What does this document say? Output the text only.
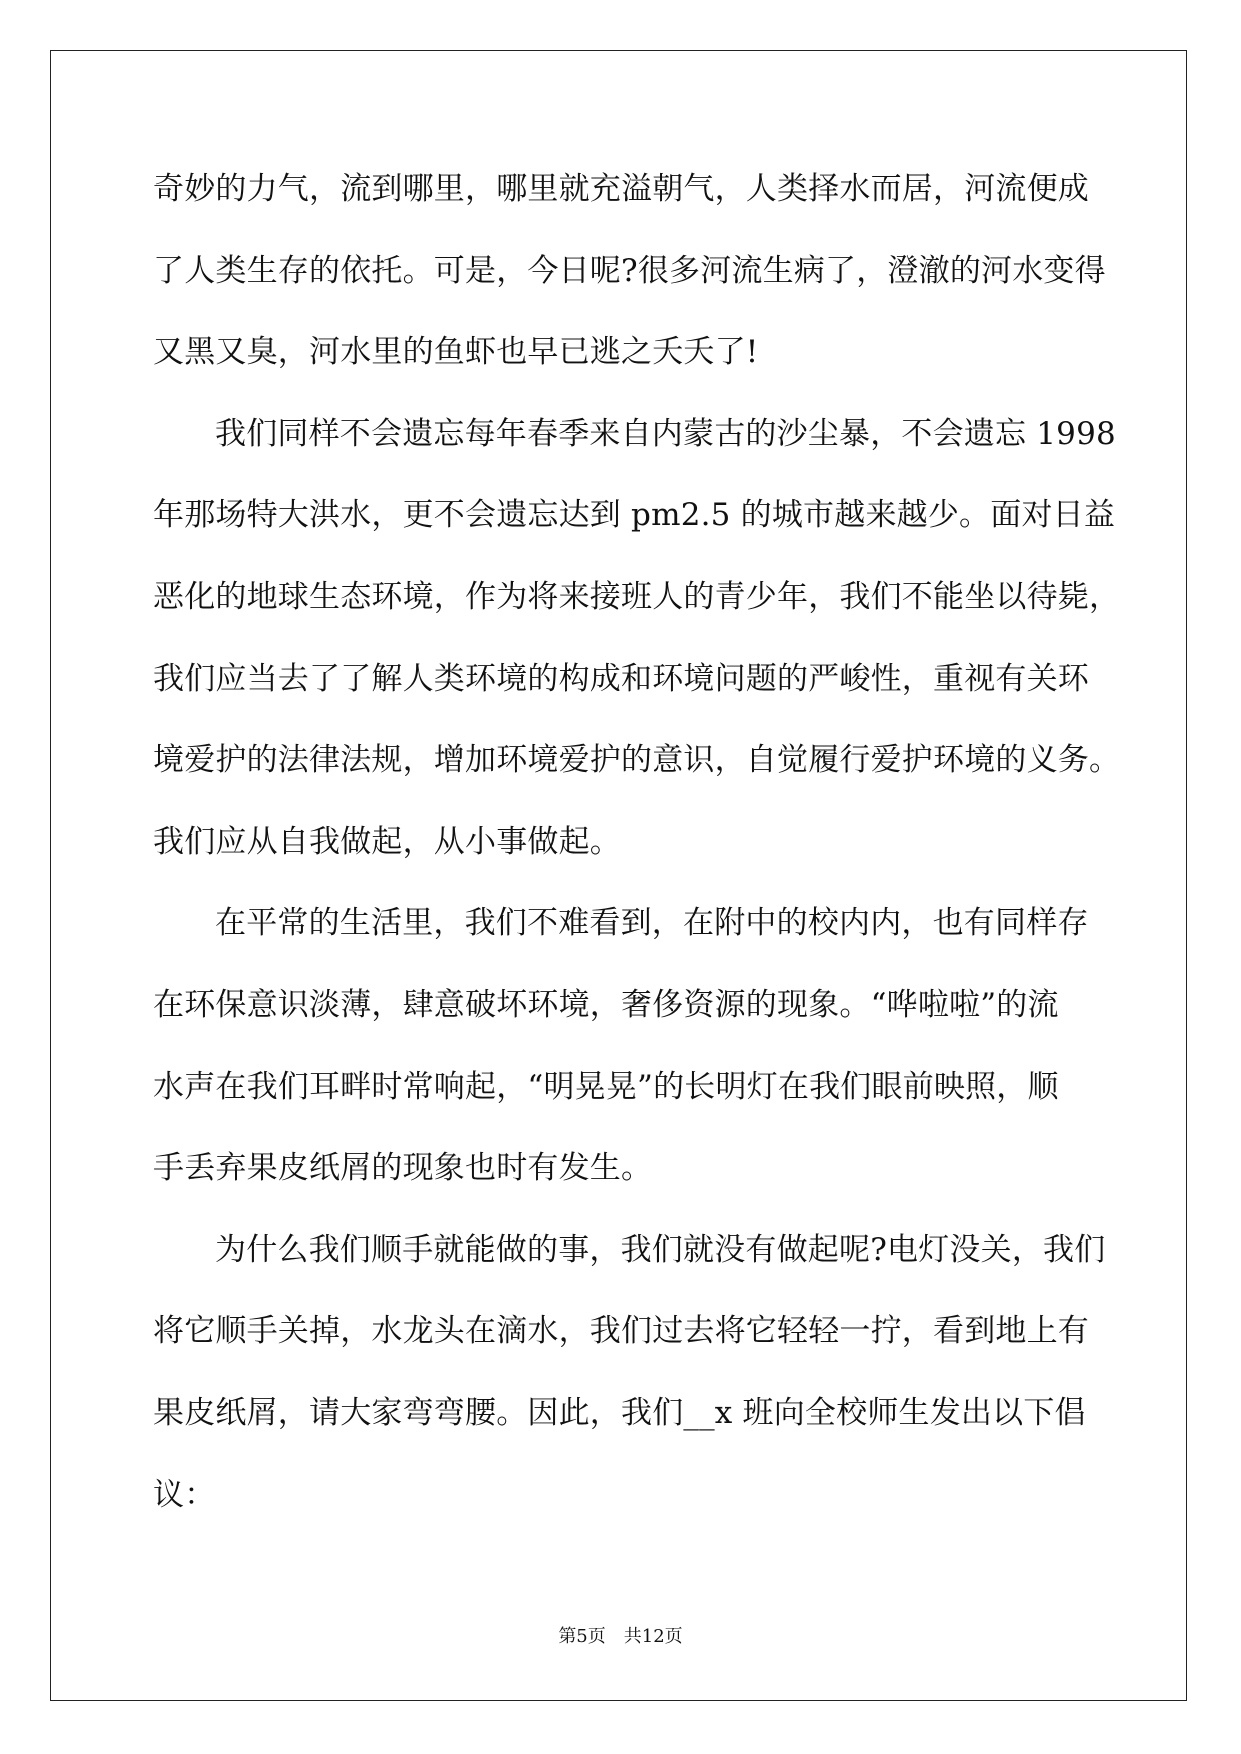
奇妙的力气，流到哪里，哪里就充溢朝气，人类择水而居，河流便成
了人类生存的依托。可是，今日呢?很多河流生病了，澄澈的河水变得
又黑又臭，河水里的鱼虾也早已逃之夭夭了!
我们同样不会遗忘每年春季来自内蒙古的沙尘暴，不会遗忘 1998
年那场特大洪水，更不会遗忘达到 pm2.5 的城市越来越少。面对日益
恶化的地球生态环境，作为将来接班人的青少年，我们不能坐以待毙，
我们应当去了了解人类环境的构成和环境问题的严峻性，重视有关环
境爱护的法律法规，增加环境爱护的意识，自觉履行爱护环境的义务。
我们应从自我做起，从小事做起。
在平常的生活里，我们不难看到，在附中的校内内，也有同样存
在环保意识淡薄，肆意破坏环境，奢侈资源的现象。“哗啦啦”的流
水声在我们耳畔时常响起，“明晃晃”的长明灯在我们眼前映照，顺
手丢弃果皮纸屑的现象也时有发生。
为什么我们顺手就能做的事，我们就没有做起呢?电灯没关，我们
将它顺手关掉，水龙头在滴水，我们过去将它轻轻一拧，看到地上有
果皮纸屑，请大家弯弯腰。因此，我们__x 班向全校师生发出以下倡
议：
第5页　共12页
